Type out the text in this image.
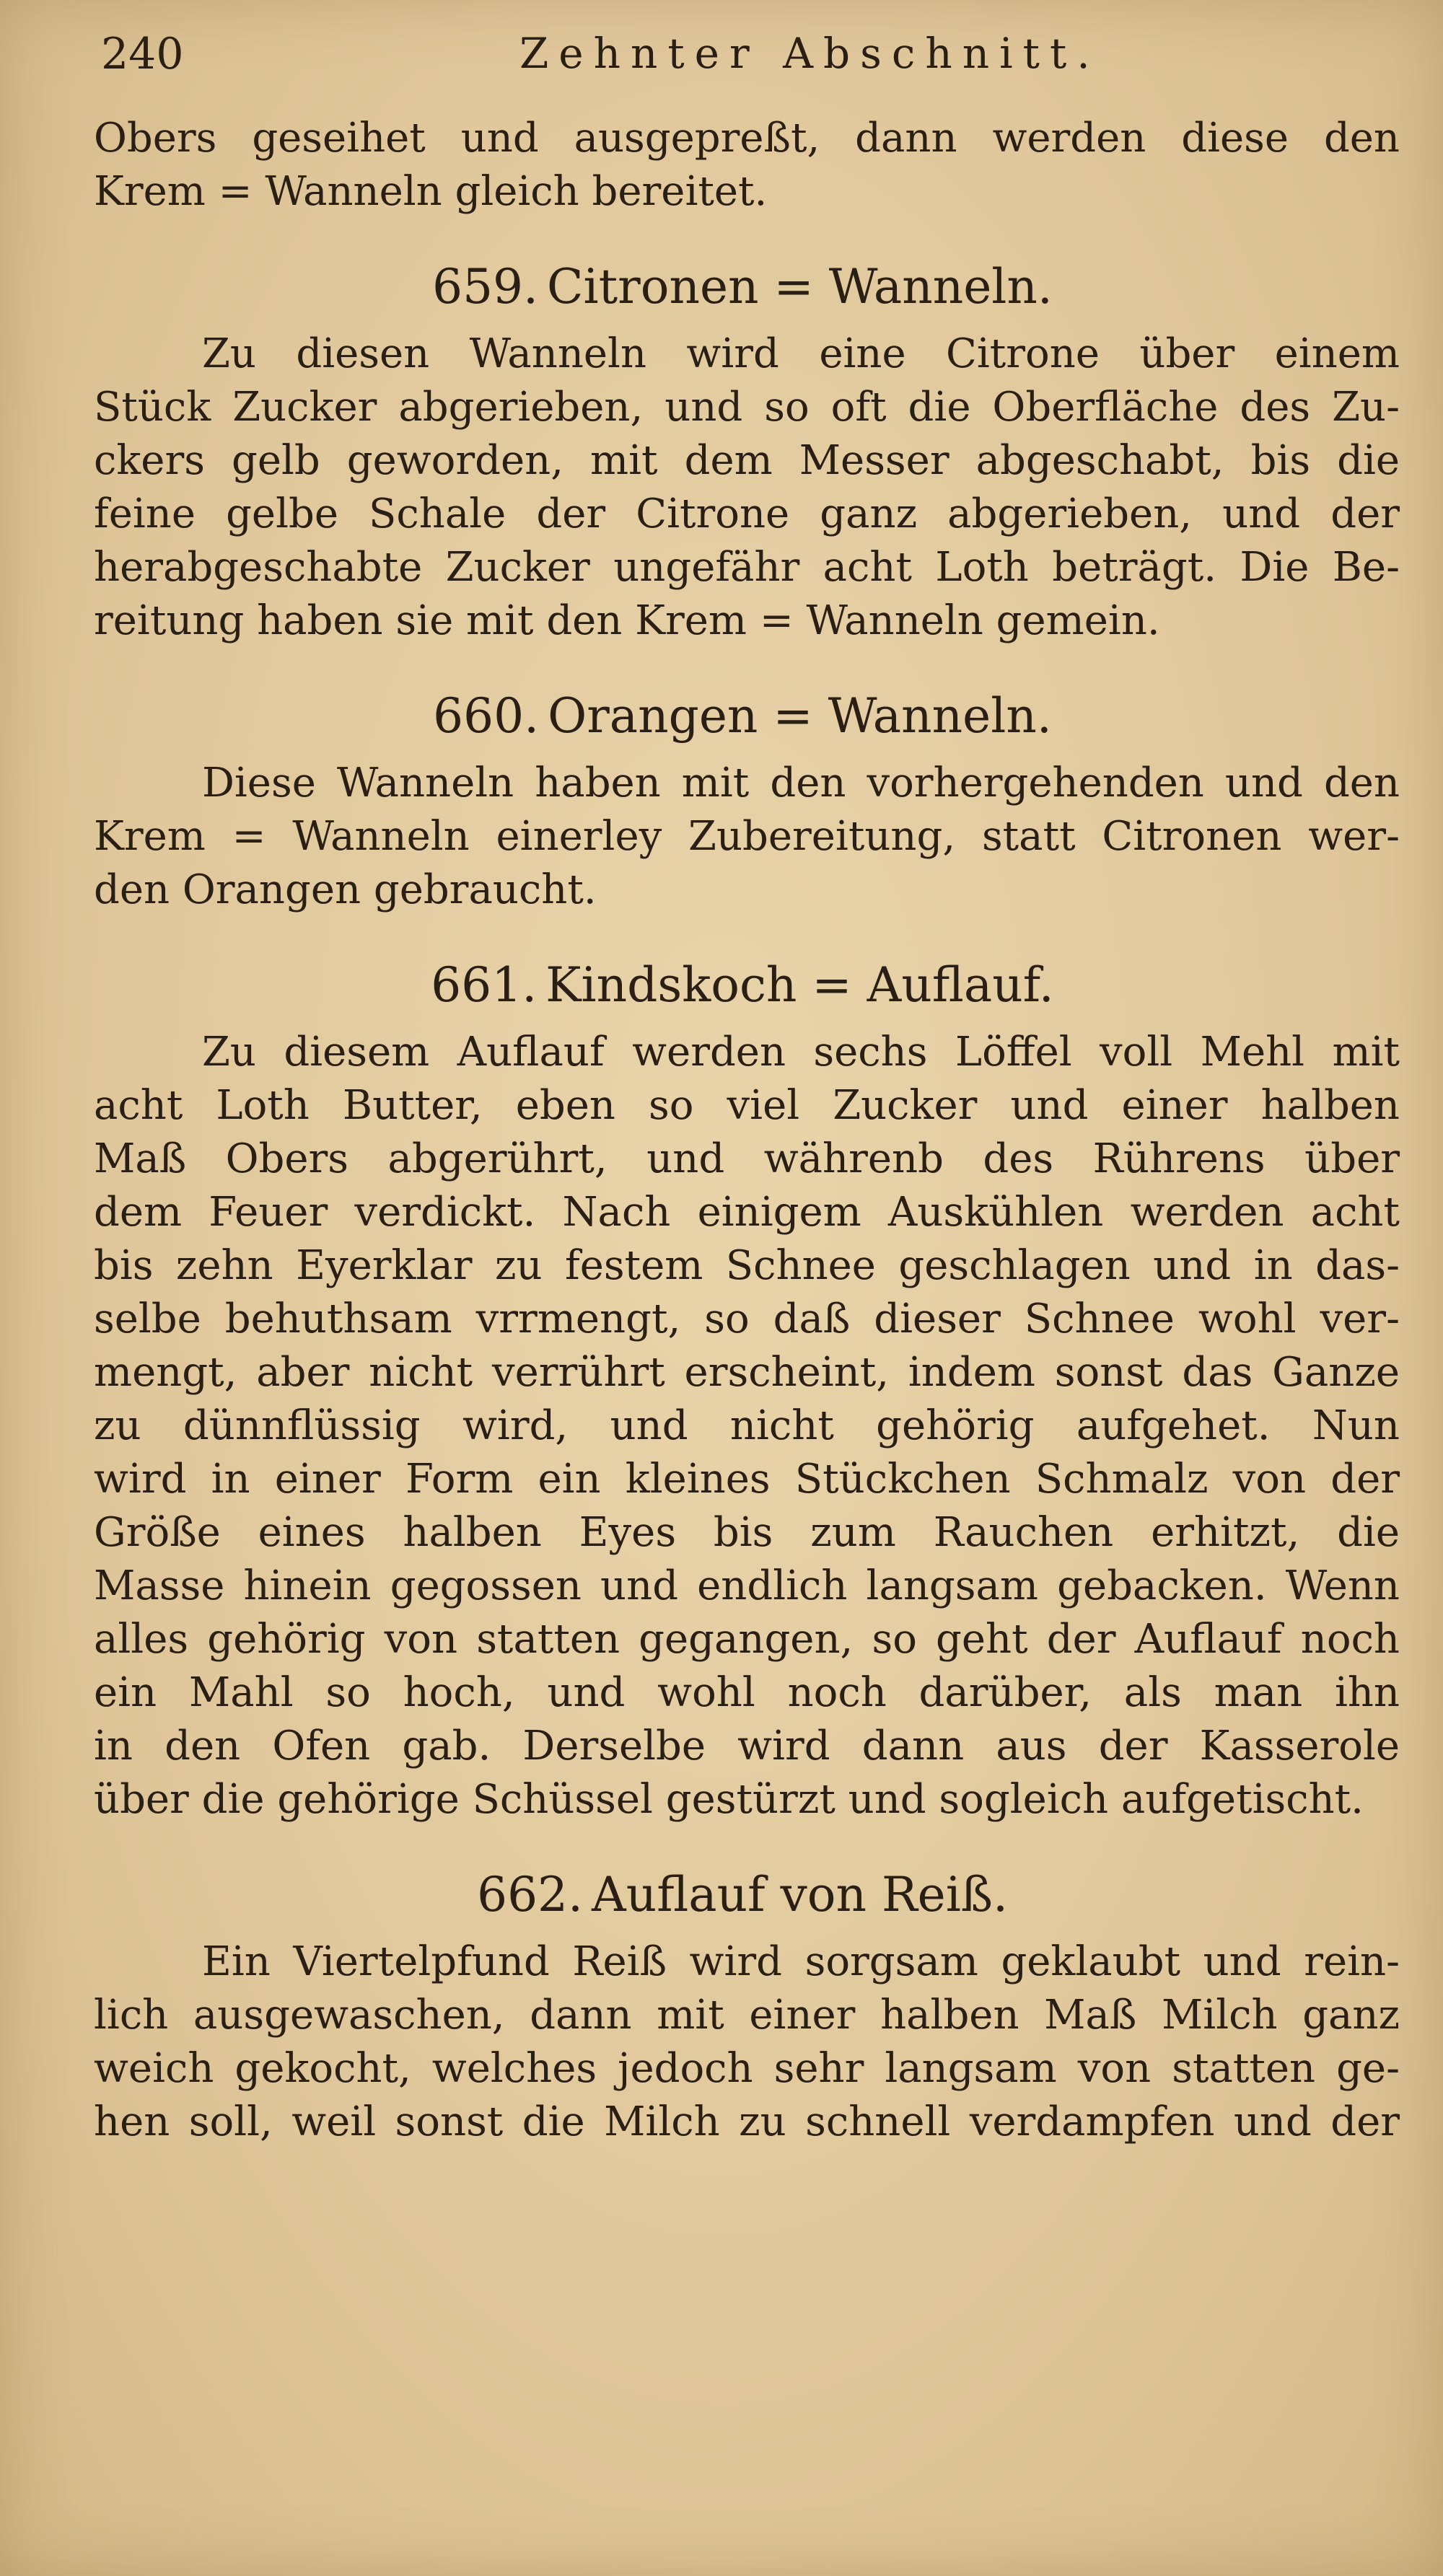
240	Zehnter Abschnitt.
Obers geseihet und ausgepreßt, dann werden diese den
Krem = Wanneln gleich bereitet.
659. Citronen = Wanneln.
Zu diesen Wanneln wird eine Citrone über einem
Stück Zucker abgerieben, und so oft die Oberfläche des Zu-
ckers gelb geworden, mit dem Messer abgeschabt, bis die
feine gelbe Schale der Citrone ganz abgerieben, und der
herabgeschabte Zucker ungefähr acht Loth beträgt. Die Be-
reitung haben sie mit den Krem = Wanneln gemein.
660. Orangen = Wanneln.
Diese Wanneln haben mit den vorhergehenden und den
Krem = Wanneln einerley Zubereitung, statt Citronen wer-
den Orangen gebraucht.
661. Kindskoch = Auflauf.
Zu diesem Auflauf werden sechs Löffel voll Mehl mit
acht Loth Butter, eben so viel Zucker und einer halben
Maß Obers abgerührt, und währenb des Rührens über
dem Feuer verdickt. Nach einigem Auskühlen werden acht
bis zehn Eyerklar zu festem Schnee geschlagen und in das-
selbe behuthsam vrrmengt, so daß dieser Schnee wohl ver-
mengt, aber nicht verrührt erscheint, indem sonst das Ganze
zu dünnflüssig wird, und nicht gehörig aufgehet. Nun
wird in einer Form ein kleines Stückchen Schmalz von der
Größe eines halben Eyes bis zum Rauchen erhitzt, die
Masse hinein gegossen und endlich langsam gebacken. Wenn
alles gehörig von statten gegangen, so geht der Auflauf noch
ein Mahl so hoch, und wohl noch darüber, als man ihn
in den Ofen gab. Derselbe wird dann aus der Kasserole
über die gehörige Schüssel gestürzt und sogleich aufgetischt.
662. Auflauf von Reiß.
Ein Viertelpfund Reiß wird sorgsam geklaubt und rein-
lich ausgewaschen, dann mit einer halben Maß Milch ganz
weich gekocht, welches jedoch sehr langsam von statten ge-
hen soll, weil sonst die Milch zu schnell verdampfen und der
